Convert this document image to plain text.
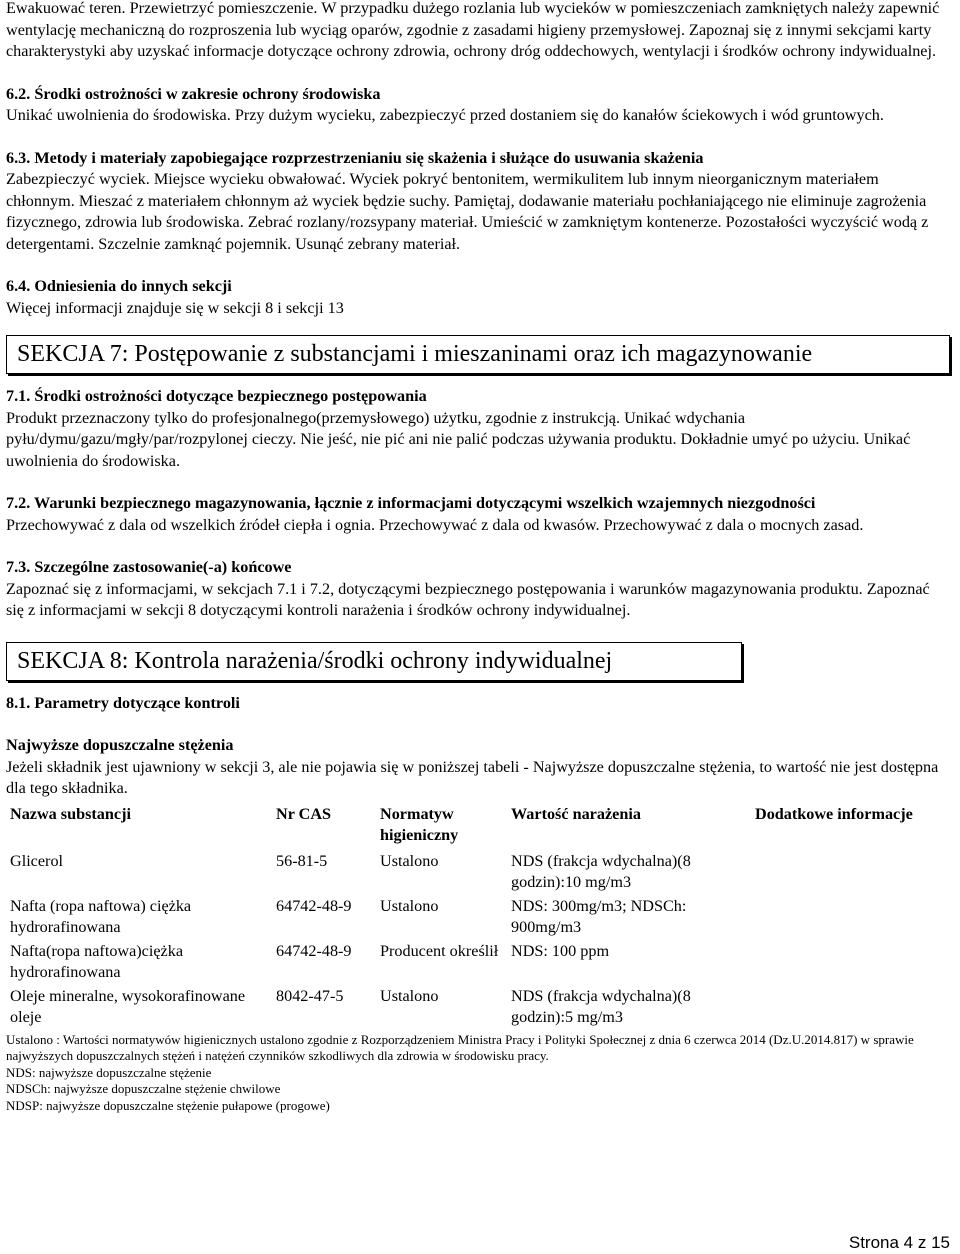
Ewakuować teren. Przewietrzyć pomieszczenie. W przypadku dużego rozlania lub wycieków w pomieszczeniach zamkniętych należy zapewnić wentylację mechaniczną do rozproszenia lub wyciąg oparów, zgodnie z zasadami higieny przemysłowej. Zapoznaj się z innymi sekcjami karty charakterystyki aby uzyskać informacje dotyczące ochrony zdrowia, ochrony dróg oddechowych, wentylacji i środków ochrony indywidualnej.

6.2. Środki ostrożności w zakresie ochrony środowiska

Unikać uwolnienia do środowiska. Przy dużym wycieku, zabezpieczyć przed dostaniem się do kanałów ściekowych i wód gruntowych.

6.3. Metody i materiały zapobiegające rozprzestrzenianiu się skażenia i służące do usuwania skażenia

Zabezpieczyć wyciek. Miejsce wycieku obwałować. Wyciek pokryć bentonitem, wermikulitem lub innym nieorganicznym materiałem chłonnym. Mieszać z materiałem chłonnym aż wyciek będzie suchy. Pamiętaj, dodawanie materiału pochłaniającego nie eliminuje zagrożenia fizycznego, zdrowia lub środowiska. Zebrać rozlany/rozsypany materiał. Umieścić w zamkniętym kontenerze. Pozostałości wyczyścić wodą z detergentami. Szczelnie zamknąć pojemnik. Usunąć zebrany materiał.

6.4. Odniesienia do innych sekcji

Więcej informacji znajduje się w sekcji 8 i sekcji 13

SEKCJA 7: Postępowanie z substancjami i mieszaninami oraz ich magazynowanie

7.1. Środki ostrożności dotyczące bezpiecznego postępowania

Produkt przeznaczony tylko do profesjonalnego(przemysłowego) użytku, zgodnie z instrukcją. Unikać wdychania pyłu/dymu/gazu/mgły/par/rozpylonej cieczy. Nie jeść, nie pić ani nie palić podczas używania produktu. Dokładnie umyć po użyciu. Unikać uwolnienia do środowiska.

7.2. Warunki bezpiecznego magazynowania, łącznie z informacjami dotyczącymi wszelkich wzajemnych niezgodności

Przechowywać z dala od wszelkich źródeł ciepła i ognia. Przechowywać z dala od kwasów. Przechowywać z dala o mocnych zasad.

7.3. Szczególne zastosowanie(-a) końcowe

Zapoznać się z informacjami, w sekcjach 7.1 i 7.2, dotyczącymi bezpiecznego postępowania i warunków magazynowania produktu. Zapoznać się z informacjami w sekcji 8 dotyczącymi kontroli narażenia i środków ochrony indywidualnej.

SEKCJA 8: Kontrola narażenia/środki ochrony indywidualnej

8.1. Parametry dotyczące kontroli

Najwyższe dopuszczalne stężenia

Jeżeli składnik jest ujawniony w sekcji 3, ale nie pojawia się w poniższej tabeli - Najwyższe dopuszczalne stężenia, to wartość nie jest dostępna dla tego składnika.

Nazwa substancji	Nr CAS	Normatyw higieniczny	Wartość narażenia	Dodatkowe informacje
Glicerol	56-81-5	Ustalono	NDS (frakcja wdychalna)(8 godzin):10 mg/m3	
Nafta (ropa naftowa) ciężka hydrorafinowana	64742-48-9	Ustalono	NDS: 300mg/m3; NDSCh: 900mg/m3	
Nafta(ropa naftowa)ciężka hydrorafinowana	64742-48-9	Producent określił	NDS: 100 ppm	
Oleje mineralne, wysokorafinowane oleje	8042-47-5	Ustalono	NDS (frakcja wdychalna)(8 godzin):5 mg/m3	

Ustalono : Wartości normatywów higienicznych ustalono zgodnie z Rozporządzeniem Ministra Pracy i Polityki Społecznej z dnia 6 czerwca 2014 (Dz.U.2014.817) w sprawie najwyższych dopuszczalnych stężeń i natężeń czynników szkodliwych dla zdrowia w środowisku pracy.

NDS: najwyższe dopuszczalne stężenie

NDSCh: najwyższe dopuszczalne stężenie chwilowe

NDSP: najwyższe dopuszczalne stężenie pułapowe (progowe)

Strona 4 z 15
